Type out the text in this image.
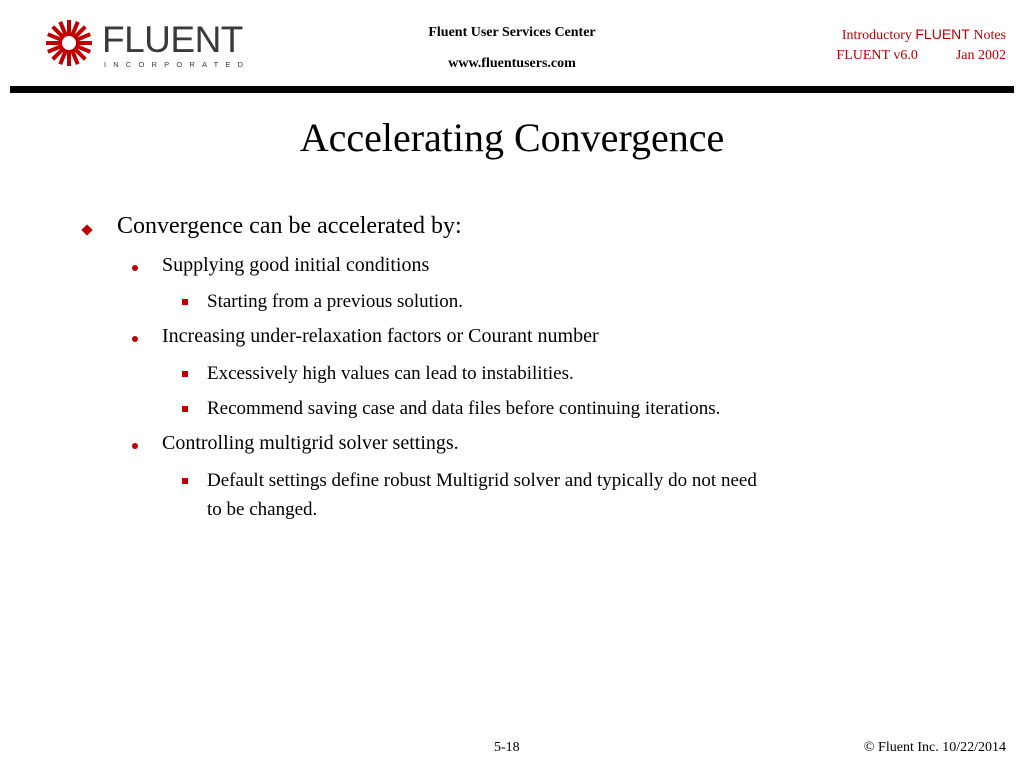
FLUENT
INCORPORATED
Fluent User Services Center
www.fluentusers.com
Introductory FLUENT Notes
FLUENT v6.0	Jan 2002
Accelerating Convergence
Convergence can be accelerated by:
Supplying good initial conditions
Starting from a previous solution.
Increasing under-relaxation factors or Courant number
Excessively high values can lead to instabilities.
Recommend saving case and data files before continuing iterations.
Controlling multigrid solver settings.
Default settings define robust Multigrid solver and typically do not need
to be changed.
5-18	© Fluent Inc. 10/22/2014
